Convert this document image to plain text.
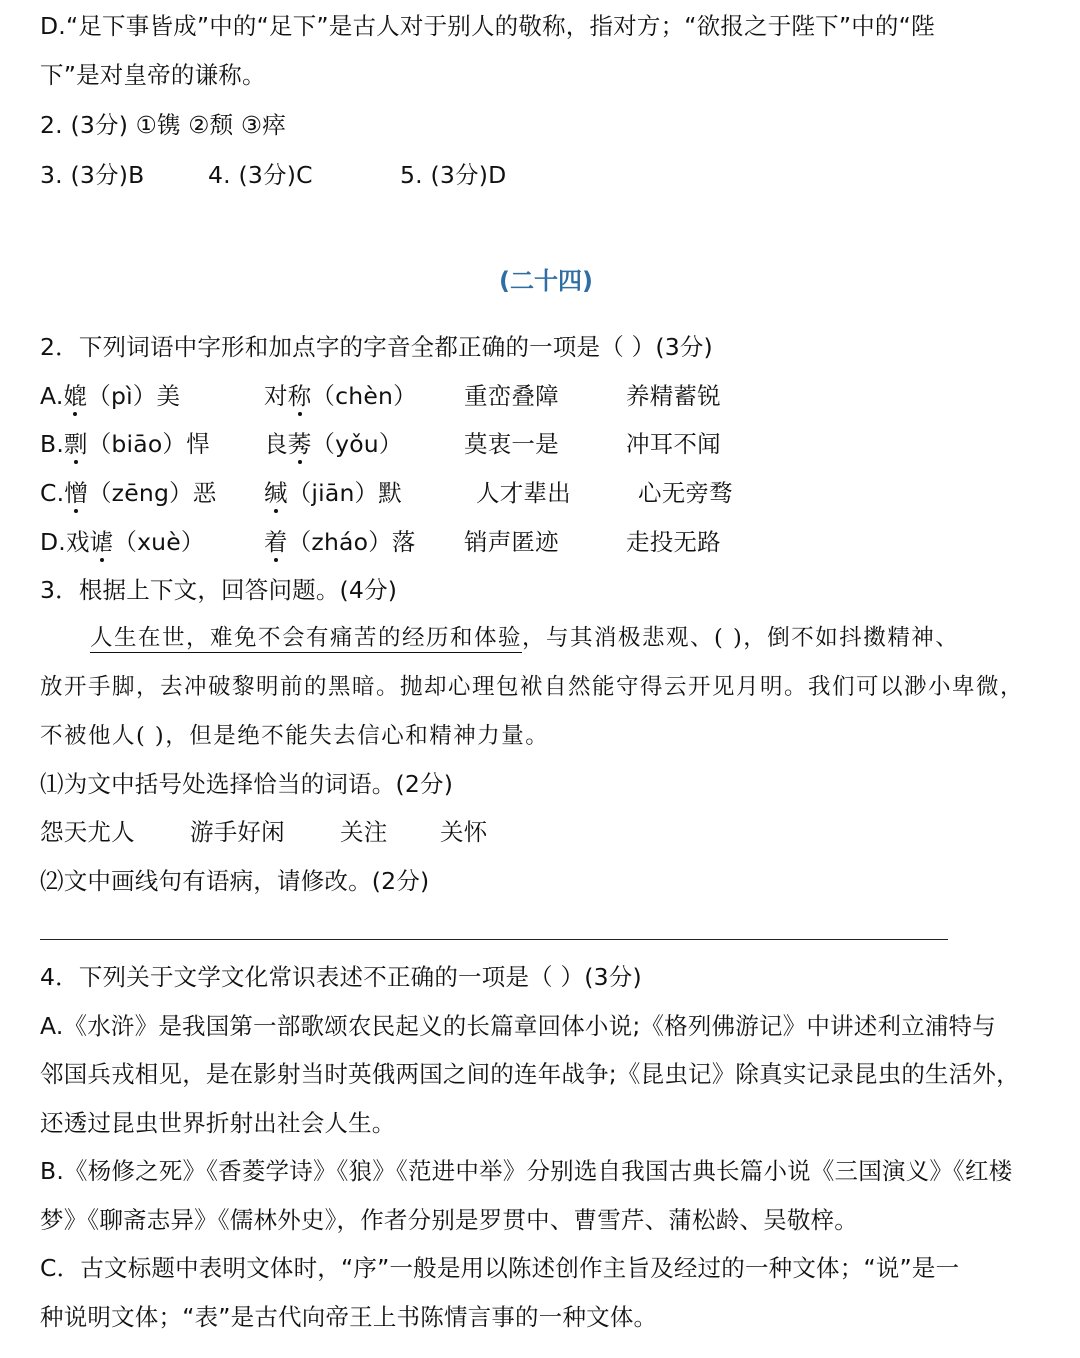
D.“足下事皆成”中的“足下”是古人对于别人的敬称，指对方；“欲报之于陛下”中的“陛
下”是对皇帝的谦称。
2. (3分) ①镌 ②颓 ③瘁
3. (3分)B	4. (3分)C	5. (3分)D
(二十四)
2．下列词语中字形和加点字的字音全都正确的一项是（ ）(3分)
A.媲（pì）美	对称（chèn） 重峦叠障	养精蓄锐
B.剽（biāo）悍 良莠（yǒu）	莫衷一是	冲耳不闻
C.憎（zēng）恶 缄（jiān）默	人才辈出	心无旁骛
D.戏谑（xuè）	着（zháo）落 销声匿迹	走投无路
3．根据上下文，回答问题。(4分)
人生在世，难免不会有痛苦的经历和体验，与其消极悲观、( )，倒不如抖擞精神、
放开手脚，去冲破黎明前的黑暗。抛却心理包袱自然能守得云开见月明。我们可以渺小卑微，
不被他人( )，但是绝不能失去信心和精神力量。
⑴为文中括号处选择恰当的词语。(2分)
怨天尤人 游手好闲 关注 关怀
⑵文中画线句有语病，请修改。(2分)
4．下列关于文学文化常识表述不正确的一项是（ ）(3分)
A.《水浒》是我国第一部歌颂农民起义的长篇章回体小说;《格列佛游记》中讲述利立浦特与
邻国兵戎相见，是在影射当时英俄两国之间的连年战争;《昆虫记》除真实记录昆虫的生活外，
还透过昆虫世界折射出社会人生。
B.《杨修之死》《香菱学诗》《狼》《范进中举》分别选自我国古典长篇小说《三国演义》《红楼
梦》《聊斋志异》《儒林外史》，作者分别是罗贯中、曹雪芹、蒲松龄、吴敬梓。
C．古文标题中表明文体时，“序”一般是用以陈述创作主旨及经过的一种文体；“说”是一
种说明文体；“表”是古代向帝王上书陈情言事的一种文体。
